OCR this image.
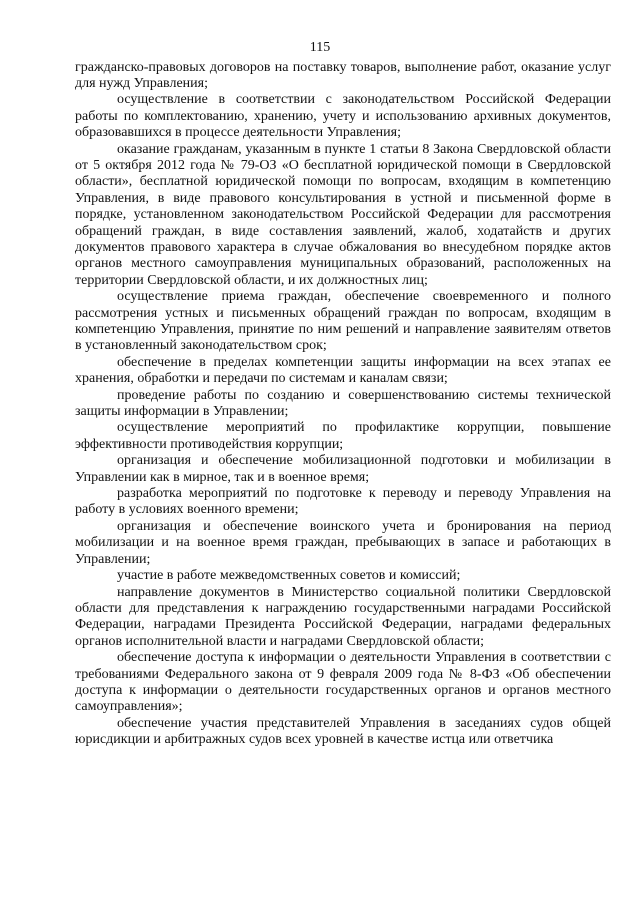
115

гражданско-правовых договоров на поставку товаров, выполнение работ, оказание услуг для нужд Управления;

осуществление в соответствии с законодательством Российской Федерации работы по комплектованию, хранению, учету и использованию архивных документов, образовавшихся в процессе деятельности Управления;

оказание гражданам, указанным в пункте 1 статьи 8 Закона Свердловской области от 5 октября 2012 года № 79-ОЗ «О бесплатной юридической помощи в Свердловской области», бесплатной юридической помощи по вопросам, входящим в компетенцию Управления, в виде правового консультирования в устной и письменной форме в порядке, установленном законодательством Российской Федерации для рассмотрения обращений граждан, в виде составления заявлений, жалоб, ходатайств и других документов правового характера в случае обжалования во внесудебном порядке актов органов местного самоуправления муниципальных образований, расположенных на территории Свердловской области, и их должностных лиц;

осуществление приема граждан, обеспечение своевременного и полного рассмотрения устных и письменных обращений граждан по вопросам, входящим в компетенцию Управления, принятие по ним решений и направление заявителям ответов в установленный законодательством срок;

обеспечение в пределах компетенции защиты информации на всех этапах ее хранения, обработки и передачи по системам и каналам связи;

проведение работы по созданию и совершенствованию системы технической защиты информации в Управлении;

осуществление мероприятий по профилактике коррупции, повышение эффективности противодействия коррупции;

организация и обеспечение мобилизационной подготовки и мобилизации в Управлении как в мирное, так и в военное время;

разработка мероприятий по подготовке к переводу и переводу Управления на работу в условиях военного времени;

организация и обеспечение воинского учета и бронирования на период мобилизации и на военное время граждан, пребывающих в запасе и работающих в Управлении;

участие в работе межведомственных советов и комиссий;

направление документов в Министерство социальной политики Свердловской области для представления к награждению государственными наградами Российской Федерации, наградами Президента Российской Федерации, наградами федеральных органов исполнительной власти и наградами Свердловской области;

обеспечение доступа к информации о деятельности Управления в соответствии с требованиями Федерального закона от 9 февраля 2009 года № 8-ФЗ «Об обеспечении доступа к информации о деятельности государственных органов и органов местного самоуправления»;

обеспечение участия представителей Управления в заседаниях судов общей юрисдикции и арбитражных судов всех уровней в качестве истца или ответчика
